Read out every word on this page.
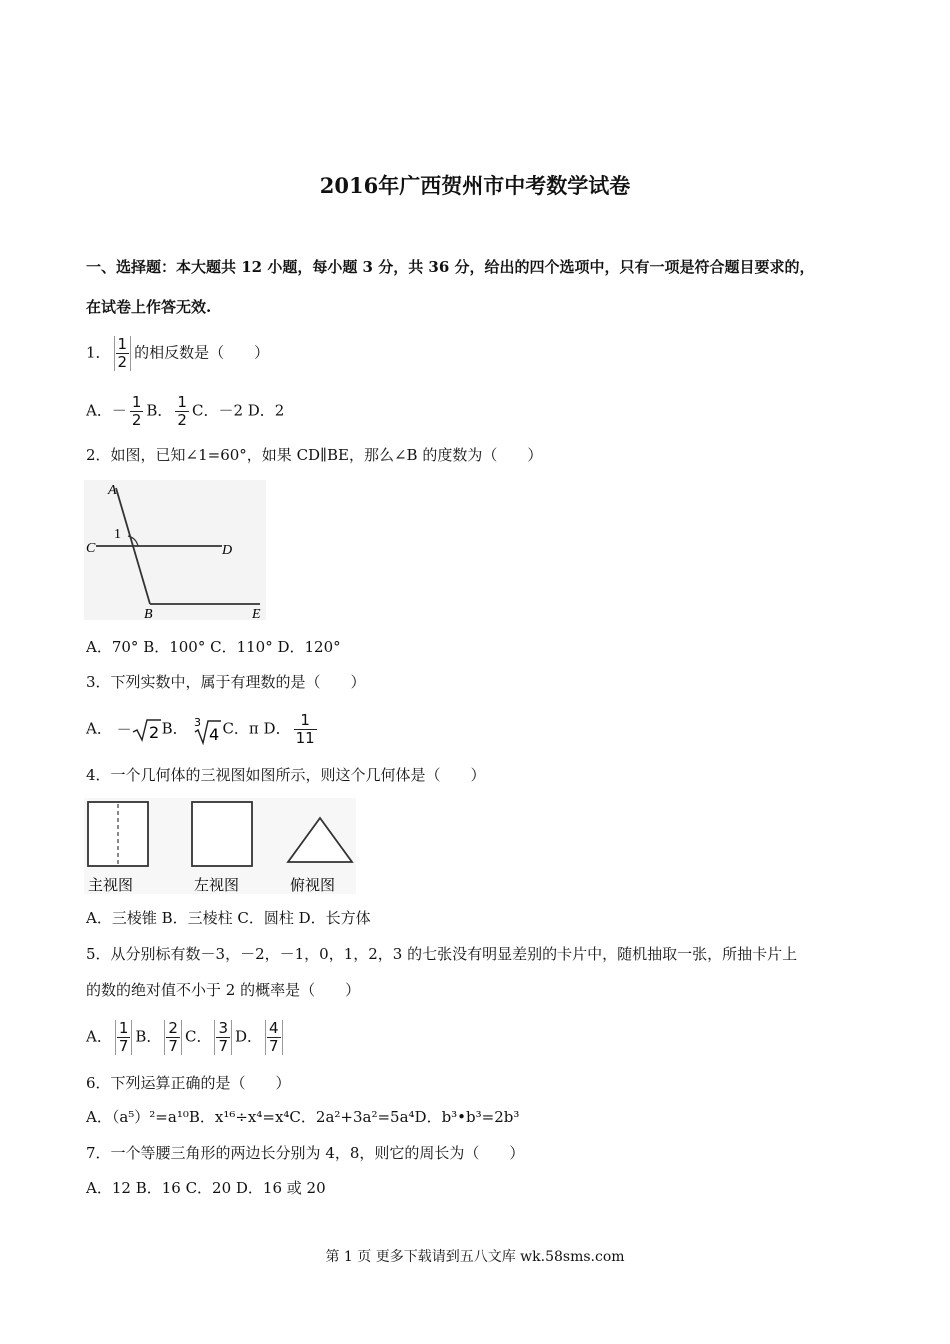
2016年广西贺州市中考数学试卷
一、选择题：本大题共 12 小题，每小题 3 分，共 36 分，给出的四个选项中，只有一项是符合题目要求的，
在试卷上作答无效.
1． $\frac{1}{2}$ 的相反数是（　　）
A．－ $\frac{1}{2}$ B． $\frac{1}{2}$ C．－2 D．2
2．如图，已知∠1=60°，如果 CD∥BE，那么∠B 的度数为（　　）
A
1
C	D
B	E
A．70° B．100° C．110° D．120°
3．下列实数中，属于有理数的是（　　）
A． － 2 B． 3
4 C．π D． $\frac{1}{11}$
4．一个几何体的三视图如图所示，则这个几何体是（　　）
主视图	左视图	俯视图
A．三棱锥 B．三棱柱 C．圆柱 D．长方体
5．从分别标有数－3，－2，－1，0，1，2，3 的七张没有明显差别的卡片中，随机抽取一张，所抽卡片上
的数的绝对值不小于 2 的概率是（　　）
A． $\frac{1}{7}$ B． $\frac{2}{7}$ C． $\frac{3}{7}$ D． $\frac{4}{7}$
6．下列运算正确的是（　　）
A．（a⁵）²=a¹⁰B．x¹⁶÷x⁴=x⁴C．2a²+3a²=5a⁴D．b³•b³=2b³
7．一个等腰三角形的两边长分别为 4，8，则它的周长为（　　）
A．12 B．16 C．20 D．16 或 20
第 1 页 更多下载请到五八文库 wk.58sms.com
